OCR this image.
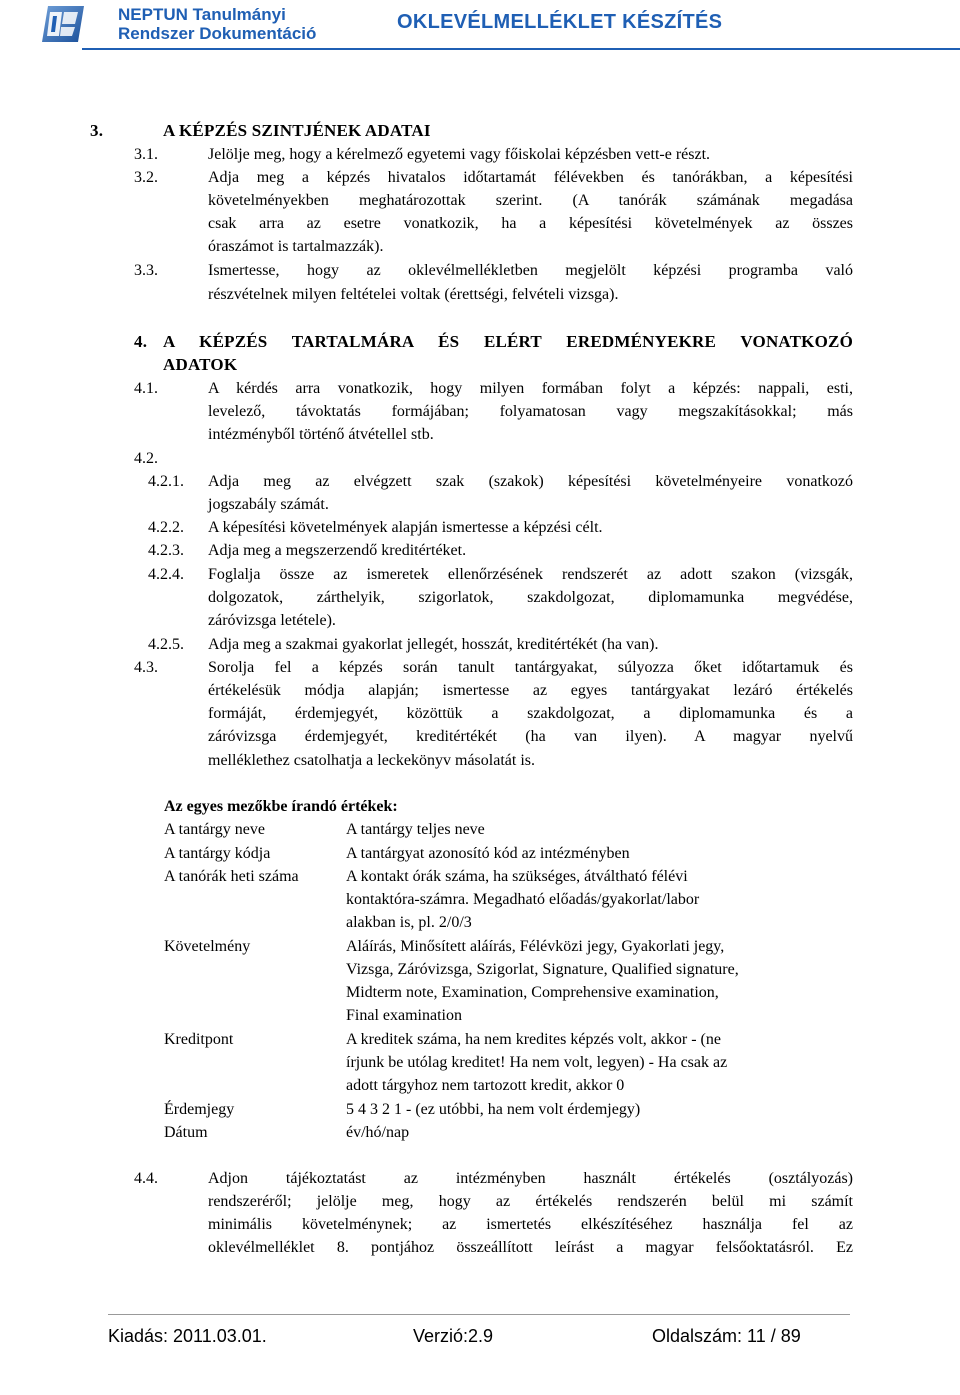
NEPTUN Tanulmányi
Rendszer Dokumentáció
OKLEVÉLMELLÉKLET KÉSZÍTÉS
3.	A KÉPZÉS SZINTJÉNEK ADATAI
3.1.	Jelölje meg, hogy a kérelmező egyetemi vagy főiskolai képzésben vett-e részt.
3.2.	Adja meg a képzés hivatalos időtartamát félévekben és tanórákban, a képesítési
követelményekben meghatározottak szerint. (A tanórák számának megadása
csak arra az esetre vonatkozik, ha a képesítési követelmények az összes
óraszámot is tartalmazzák).
3.3.	Ismertesse, hogy az oklevélmellékletben megjelölt képzési programba való
részvételnek milyen feltételei voltak (érettségi, felvételi vizsga).
4. A KÉPZÉS TARTALMÁRA ÉS ELÉRT EREDMÉNYEKRE VONATKOZÓ
ADATOK
4.1.	A kérdés arra vonatkozik, hogy milyen formában folyt a képzés: nappali, esti,
levelező, távoktatás formájában; folyamatosan vagy megszakításokkal; más
intézményből történő átvétellel stb.
4.2.
4.2.1. Adja meg az elvégzett szak (szakok) képesítési követelményeire vonatkozó
jogszabály számát.
4.2.2. A képesítési követelmények alapján ismertesse a képzési célt.
4.2.3. Adja meg a megszerzendő kreditértéket.
4.2.4. Foglalja össze az ismeretek ellenőrzésének rendszerét az adott szakon (vizsgák,
dolgozatok, zárthelyik, szigorlatok, szakdolgozat, diplomamunka megvédése,
záróvizsga letétele).
4.2.5. Adja meg a szakmai gyakorlat jellegét, hosszát, kreditértékét (ha van).
4.3.	Sorolja fel a képzés során tanult tantárgyakat, súlyozza őket időtartamuk és
értékelésük módja alapján; ismertesse az egyes tantárgyakat lezáró értékelés
formáját, érdemjegyét, közöttük a szakdolgozat, a diplomamunka és a
záróvizsga érdemjegyét, kreditértékét (ha van ilyen). A magyar nyelvű
melléklethez csatolhatja a leckekönyv másolatát is.
Az egyes mezőkbe írandó értékek:
A tantárgy neve	A tantárgy teljes neve
A tantárgy kódja	A tantárgyat azonosító kód az intézményben
A tanórák heti száma	A kontakt órák száma, ha szükséges, átváltható félévi
kontaktóra-számra. Megadható előadás/gyakorlat/labor
alakban is, pl. 2/0/3
Követelmény	Aláírás, Minősített aláírás, Félévközi jegy, Gyakorlati jegy,
Vizsga, Záróvizsga, Szigorlat, Signature, Qualified signature,
Midterm note, Examination, Comprehensive examination,
Final examination
Kreditpont	A kreditek száma, ha nem kredites képzés volt, akkor - (ne
írjunk be utólag kreditet! Ha nem volt, legyen) - Ha csak az
adott tárgyhoz nem tartozott kredit, akkor 0
Érdemjegy	5 4 3 2 1 - (ez utóbbi, ha nem volt érdemjegy)
Dátum	év/hó/nap
4.4.	Adjon tájékoztatást az intézményben használt értékelés (osztályozás)
rendszeréről; jelölje meg, hogy az értékelés rendszerén belül mi számít
minimális követelménynek; az ismertetés elkészítéséhez használja fel az
oklevélmelléklet 8. pontjához összeállított leírást a magyar felsőoktatásról. Ez
Kiadás: 2011.03.01.	Verzió:2.9	Oldalszám: 11 / 89
